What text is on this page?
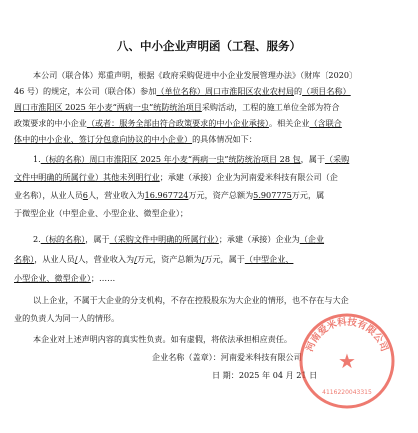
八、中小企业声明函（工程、服务）
本公司（联合体）郑重声明，根据《政府采购促进中小企业发展管理办法》（财库〔2020〕
46 号）的规定，本公司（联合体）参加（单位名称）周口市淮阳区农业农村局的（项目名称）
周口市淮阳区 2025 年小麦“两病一虫”统防统治项目采购活动，工程的施工单位全部为符合
政策要求的中小企业（或者：服务全部由符合政策要求的中小企业承接）。相关企业（含联合
体中的中小企业、签订分包意向协议的中小企业）的具体情况如下：
1.（标的名称）周口市淮阳区 2025 年小麦“两病一虫”统防统治项目 28 包，属于（采购
文件中明确的所属行业）其他未列明行业；承建（承接）企业为河南爱米科技有限公司（企
业名称），从业人员6人，营业收入为16.967724万元，资产总额为5.907775万元，属
于微型企业（中型企业、小型企业、微型企业）；
2.（标的名称），属于（采购文件中明确的所属行业）；承建（承接）企业为（企业
名称），从业人员/人，营业收入为/万元，资产总额为/万元，属于（中型企业、
小型企业、微型企业）；……
以上企业，不属于大企业的分支机构，不存在控股股东为大企业的情形，也不存在与大企
业的负责人为同一人的情形。
本企业对上述声明内容的真实性负责。如有虚假，将依法承担相应责任。
企业名称（盖章）：河南爱米科技有限公司
日 期：2025 年 04 月 21 日
河南爱米科技有限公司
★
4116220043315
